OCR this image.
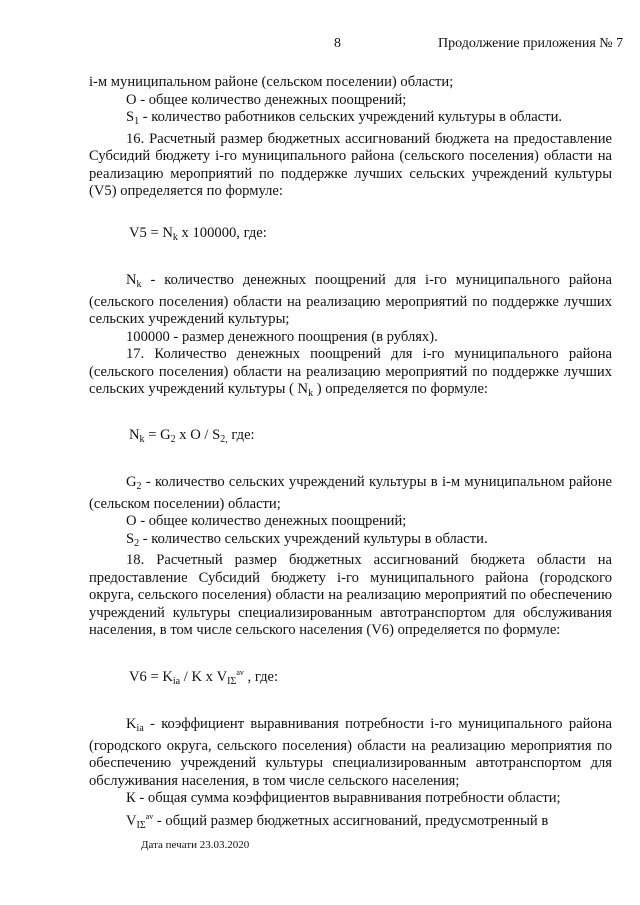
8	Продолжение приложения № 7

i-м муниципальном районе (сельском поселении) области;

О - общее количество денежных поощрений;

$S_1$ - количество работников сельских учреждений культуры в области.

16. Расчетный размер бюджетных ассигнований бюджета на предоставление Субсидий бюджету i-го муниципального района (сельского поселения) области на реализацию мероприятий по поддержке лучших сельских учреждений культуры (V5) определяется по формуле:

$V5 = N_k$ х 100000, где:

$N_k$ - количество денежных поощрений для i-го муниципального района (сельского поселения) области на реализацию мероприятий по поддержке лучших сельских учреждений культуры;

100000 - размер денежного поощрения (в рублях).

17. Количество денежных поощрений для i-го муниципального района (сельского поселения) области на реализацию мероприятий по поддержке лучших сельских учреждений культуры ( $N_k$ ) определяется по формуле:

$N_k = G_2$ х О / $S_{2,}$ где:

$G_2$ - количество сельских учреждений культуры в i-м муниципальном районе (сельском поселении) области;

О - общее количество денежных поощрений;

$S_2$ - количество сельских учреждений культуры в области.

18. Расчетный размер бюджетных ассигнований бюджета области на предоставление Субсидий бюджету i-го муниципального района (городского округа, сельского поселения) области на реализацию мероприятий по обеспечению учреждений культуры специализированным автотранспортом для обслуживания населения, в том числе сельского населения (V6) определяется по формуле:

$V6 = K_{ia} / K$ х $V_{I\Sigma}^{av}$ , где:

$K_{ia}$ - коэффициент выравнивания потребности i-го муниципального района (городского округа, сельского поселения) области на реализацию мероприятия по обеспечению учреждений культуры специализированным автотранспортом для обслуживания населения, в том числе сельского населения;

К - общая сумма коэффициентов выравнивания потребности области;

$V_{I\Sigma}^{av}$ - общий размер бюджетных ассигнований, предусмотренный в

Дата печати 23.03.2020
